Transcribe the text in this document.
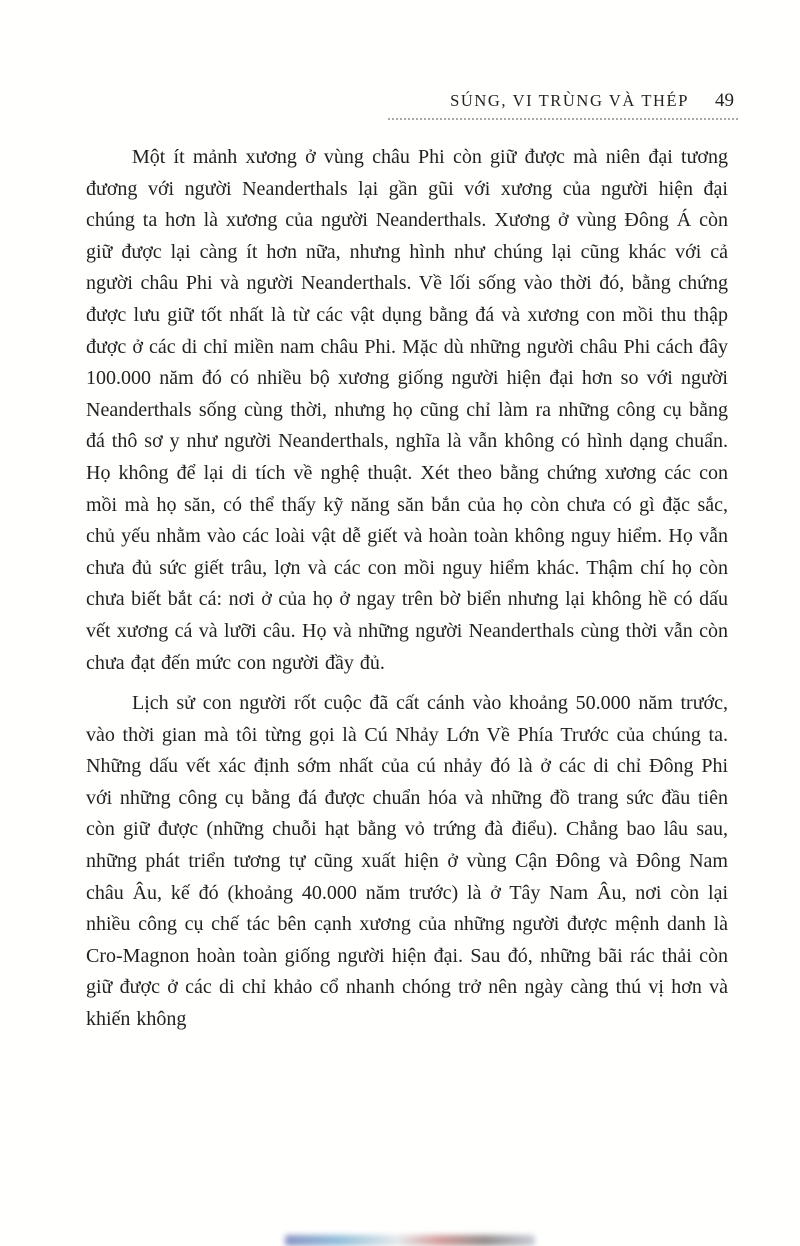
SÚNG, VI TRÙNG VÀ THÉP 49

Một ít mảnh xương ở vùng châu Phi còn giữ được mà niên đại tương đương với người Neanderthals lại gần gũi với xương của người hiện đại chúng ta hơn là xương của người Neanderthals. Xương ở vùng Đông Á còn giữ được lại càng ít hơn nữa, nhưng hình như chúng lại cũng khác với cả người châu Phi và người Neanderthals. Về lối sống vào thời đó, bằng chứng được lưu giữ tốt nhất là từ các vật dụng bằng đá và xương con mồi thu thập được ở các di chỉ miền nam châu Phi. Mặc dù những người châu Phi cách đây 100.000 năm đó có nhiều bộ xương giống người hiện đại hơn so với người Neanderthals sống cùng thời, nhưng họ cũng chỉ làm ra những công cụ bằng đá thô sơ y như người Neanderthals, nghĩa là vẫn không có hình dạng chuẩn. Họ không để lại di tích về nghệ thuật. Xét theo bằng chứng xương các con mồi mà họ săn, có thể thấy kỹ năng săn bắn của họ còn chưa có gì đặc sắc, chủ yếu nhằm vào các loài vật dễ giết và hoàn toàn không nguy hiểm. Họ vẫn chưa đủ sức giết trâu, lợn và các con mồi nguy hiểm khác. Thậm chí họ còn chưa biết bắt cá: nơi ở của họ ở ngay trên bờ biển nhưng lại không hề có dấu vết xương cá và lưỡi câu. Họ và những người Neanderthals cùng thời vẫn còn chưa đạt đến mức con người đầy đủ.

Lịch sử con người rốt cuộc đã cất cánh vào khoảng 50.000 năm trước, vào thời gian mà tôi từng gọi là Cú Nhảy Lớn Về Phía Trước của chúng ta. Những dấu vết xác định sớm nhất của cú nhảy đó là ở các di chỉ Đông Phi với những công cụ bằng đá được chuẩn hóa và những đồ trang sức đầu tiên còn giữ được (những chuỗi hạt bằng vỏ trứng đà điểu). Chẳng bao lâu sau, những phát triển tương tự cũng xuất hiện ở vùng Cận Đông và Đông Nam châu Âu, kế đó (khoảng 40.000 năm trước) là ở Tây Nam Âu, nơi còn lại nhiều công cụ chế tác bên cạnh xương của những người được mệnh danh là Cro-Magnon hoàn toàn giống người hiện đại. Sau đó, những bãi rác thải còn giữ được ở các di chỉ khảo cổ nhanh chóng trở nên ngày càng thú vị hơn và khiến không
